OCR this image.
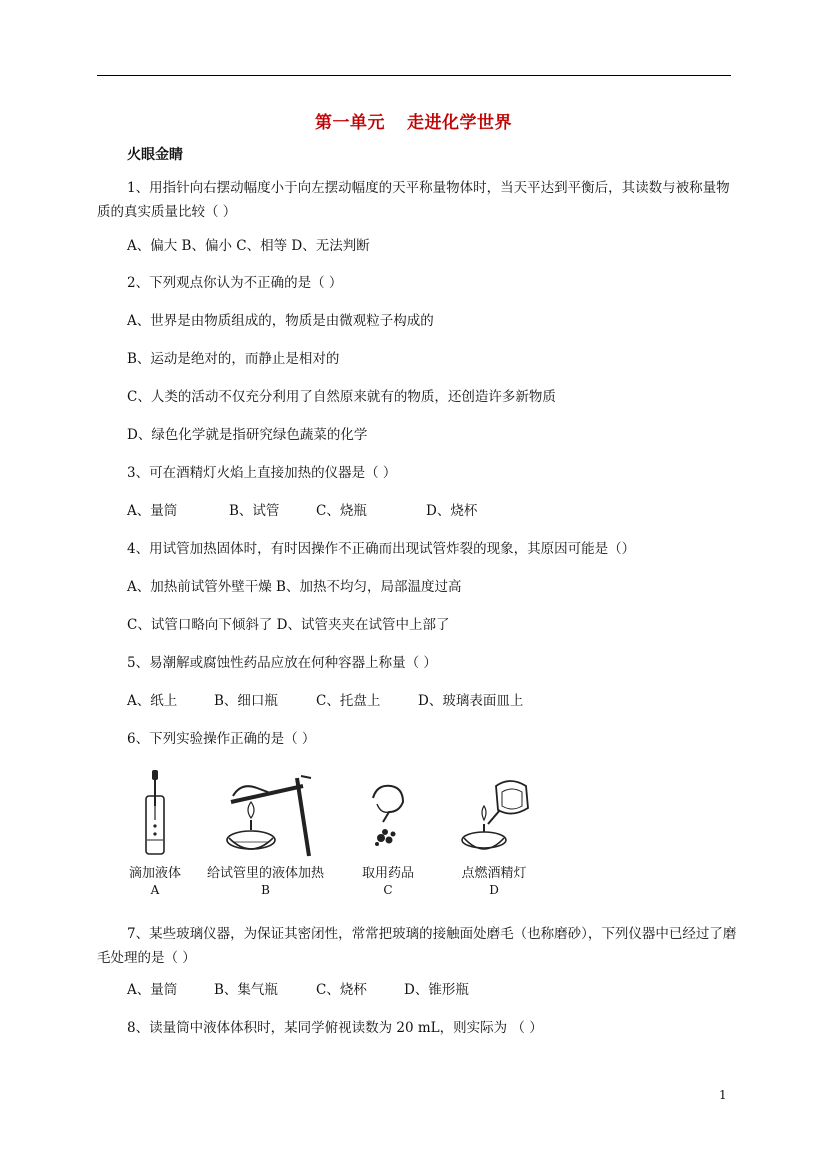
第一单元 走进化学世界
火眼金睛
1、用指针向右摆动幅度小于向左摆动幅度的天平称量物体时，当天平达到平衡后，其读数与被称量物质的真实质量比较（ ）
A、偏大 B、偏小 C、相等 D、无法判断
2、下列观点你认为不正确的是（ ）
A、世界是由物质组成的，物质是由微观粒子构成的
B、运动是绝对的，而静止是相对的
C、人类的活动不仅充分利用了自然原来就有的物质，还创造许多新物质
D、绿色化学就是指研究绿色蔬菜的化学
3、可在酒精灯火焰上直接加热的仪器是（ ）
A、量筒	B、试管	C、烧瓶	D、烧杯
4、用试管加热固体时，有时因操作不正确而出现试管炸裂的现象，其原因可能是（）
A、加热前试管外壁干燥 B、加热不均匀，局部温度过高
C、试管口略向下倾斜了 D、试管夹夹在试管中上部了
5、易潮解或腐蚀性药品应放在何种容器上称量（ ）
A、纸上	B、细口瓶	C、托盘上	D、玻璃表面皿上
6、下列实验操作正确的是（ ）
滴加液体
A
给试管里的液体加热
B
取用药品
C
点燃酒精灯
D
7、某些玻璃仪器，为保证其密闭性，常常把玻璃的接触面处磨毛（也称磨砂），下列仪器中已经过了磨毛处理的是（ ）
A、量筒	B、集气瓶	C、烧杯	D、锥形瓶
8、读量筒中液体体积时，某同学俯视读数为 20 mL，则实际为 （ ）
1
